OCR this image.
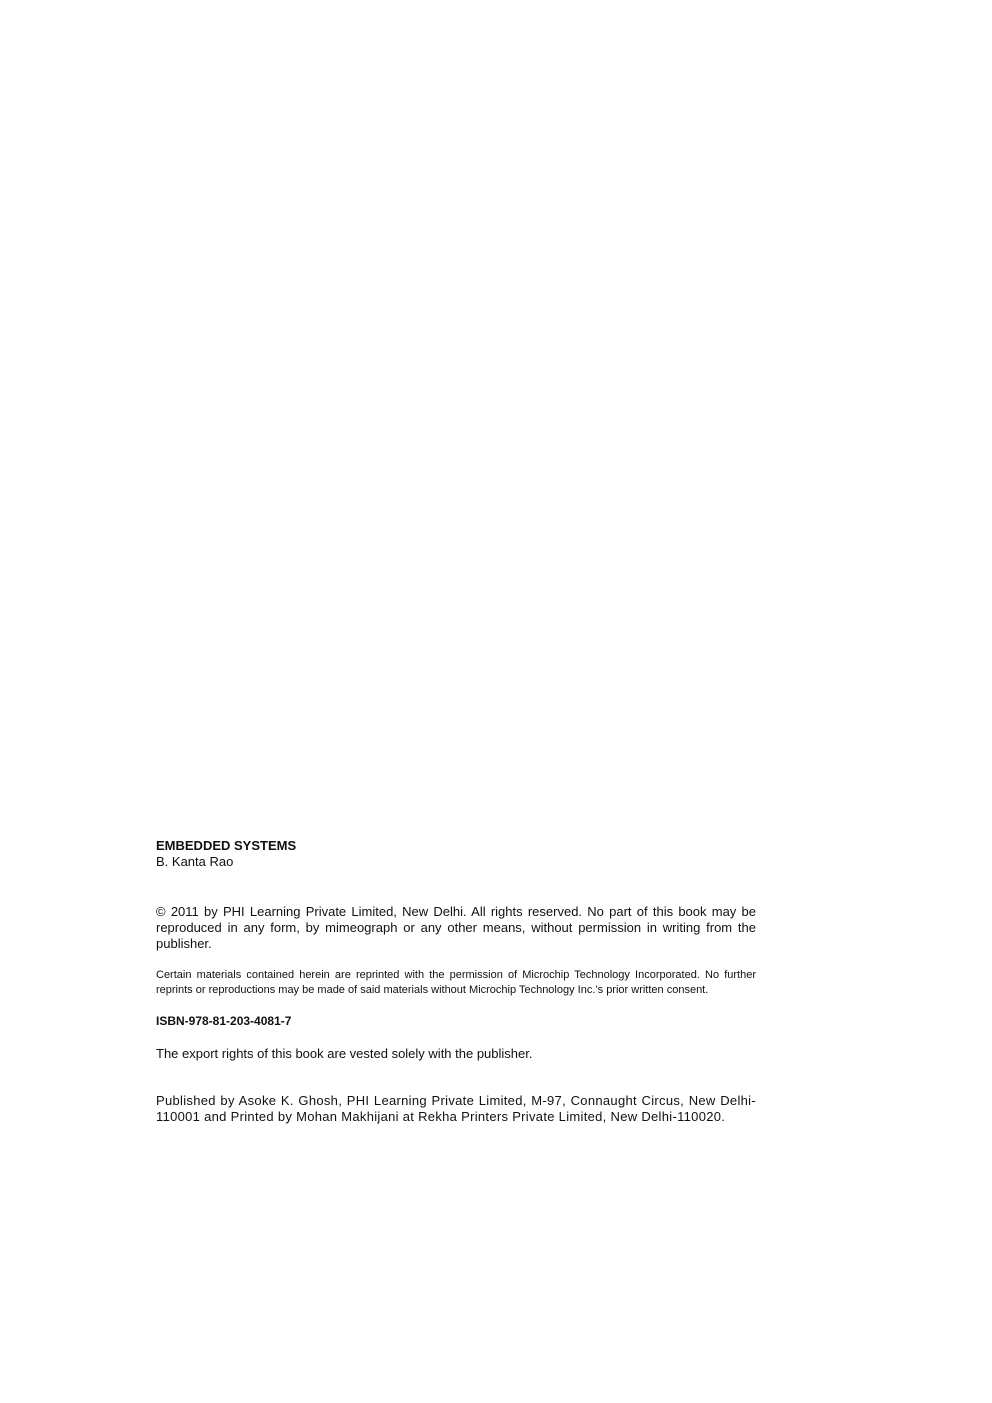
EMBEDDED SYSTEMS

B. Kanta Rao

© 2011 by PHI Learning Private Limited, New Delhi. All rights reserved. No part of this book may be reproduced in any form, by mimeograph or any other means, without permission in writing from the publisher.

Certain materials contained herein are reprinted with the permission of Microchip Technology Incorporated. No further reprints or reproductions may be made of said materials without Microchip Technology Inc.’s prior written consent.

ISBN-978-81-203-4081-7

The export rights of this book are vested solely with the publisher.

Published by Asoke K. Ghosh, PHI Learning Private Limited, M-97, Connaught Circus, New Delhi-110001 and Printed by Mohan Makhijani at Rekha Printers Private Limited, New Delhi-110020.
